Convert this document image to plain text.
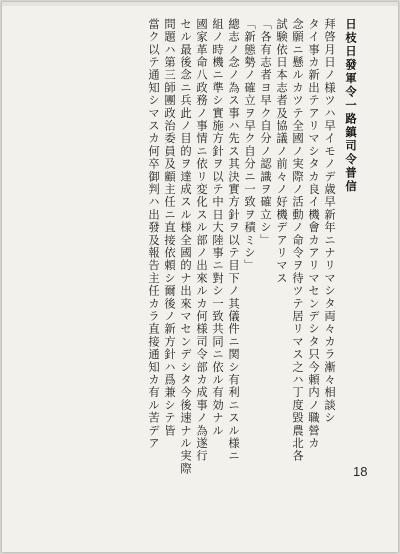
日枝日發軍令一路鎮司令普信
拜啓月日ノ様ツハ早イモノデ歳早新年ニナリマシタ両々カラ漸々相談シ
タイ事カ新出テアリマシタカ良イ機會カアリマセンデシタ只今頼内ノ職營カ
念願ニ懸ルカツテ全國ノ実際ノ活動ノ命令ヲ待ツテ居リマス之ハ丁度毀農北各
試験依日本志者及協議ノ前々ノ好機デアリマス
「各有志者ヨ早ク自分ノ認識ヲ確立シ」
「新態勢ノ確立ヲ早ク自分ニ一致ヲ積ミシ」
總志ノ念ノ為ス事ハ先ス其決實方針ヲ以テ目下ノ其儀件ニ関シ有利ニスル様ニ
組ノ時機ニ準シ實施方針ヲ以テ中日大陸事ニ對シ一致共同ニ依ル有効ナル
國家革命八政務ノ事情ニ依リ変化スル部ノ出來ルカ何様司令部カ成事ノ為遂行
セル最後念ニ兵此ノ目的ヲ達成スル様全國的ナ出來マセンデシタ今後速ナル実際
問題ハ第三師團政治委員及顧主任ニ直接依頼シ爾後ノ新方針ハ爲兼シテ皆
當ク以テ通知シマスカ何卒御判ハ出發及報告主任カラ直接通知カ有ル苦デア
18
